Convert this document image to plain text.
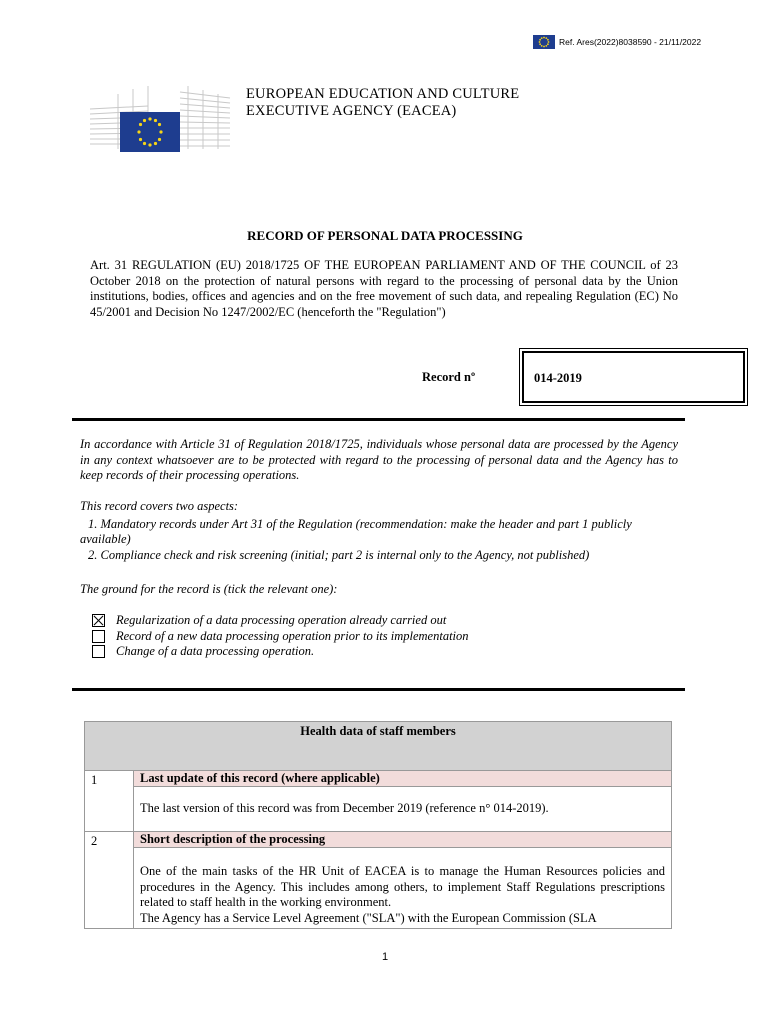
Ref. Ares(2022)8038590 - 21/11/2022
EUROPEAN EDUCATION AND CULTURE
EXECUTIVE AGENCY (EACEA)
RECORD OF PERSONAL DATA PROCESSING
Art. 31 REGULATION (EU) 2018/1725 OF THE EUROPEAN PARLIAMENT AND OF THE COUNCIL of 23 October 2018 on the protection of natural persons with regard to the processing of personal data by the Union institutions, bodies, offices and agencies and on the free movement of such data, and repealing Regulation (EC) No 45/2001 and Decision No 1247/2002/EC (henceforth the "Regulation")
Record nº	014-2019
In accordance with Article 31 of Regulation 2018/1725, individuals whose personal data are processed by the Agency in any context whatsoever are to be protected with regard to the processing of personal data and the Agency has to keep records of their processing operations.
This record covers two aspects:
1. Mandatory records under Art 31 of the Regulation (recommendation: make the header and part 1 publicly available)
2. Compliance check and risk screening (initial; part 2 is internal only to the Agency, not published)
The ground for the record is (tick the relevant one):
Regularization of a data processing operation already carried out
Record of a new data processing operation prior to its implementation
Change of a data processing operation.
Health data of staff members	
1	Last update of this record (where applicable)
	The last version of this record was from December 2019 (reference n° 014-2019).
2	Short description of the processing

	One of the main tasks of the HR Unit of EACEA is to manage the Human Resources policies and procedures in the Agency. This includes among others, to implement Staff Regulations prescriptions related to staff health in the working environment.
The Agency has a Service Level Agreement ("SLA") with the European Commission (SLA
1
